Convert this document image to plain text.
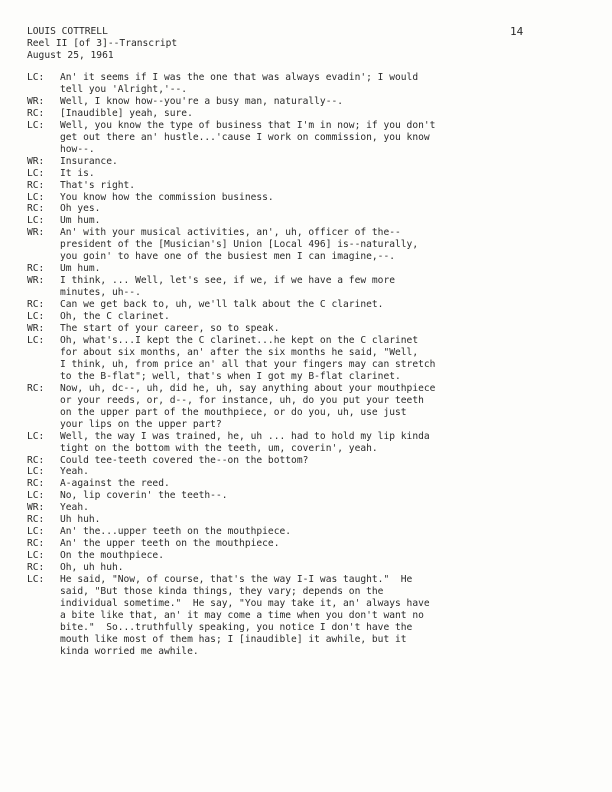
LOUIS COTTRELL
Reel II [of 3]--Transcript
August 25, 1961
14
LC:	An' it seems if I was the one that was always evadin'; I would
tell you 'Alright,'--.
WR:	Well, I know how--you're a busy man, naturally--.
RC:	[Inaudible] yeah, sure.
LC:	Well, you know the type of business that I'm in now; if you don't
get out there an' hustle...'cause I work on commission, you know
how--.
WR:	Insurance.
LC:	It is.
RC:	That's right.
LC:	You know how the commission business.
RC:	Oh yes.
LC:	Um hum.
WR:	An' with your musical activities, an', uh, officer of the--
president of the [Musician's] Union [Local 496] is--naturally,
you goin' to have one of the busiest men I can imagine,--.
RC:	Um hum.
WR:	I think, ... Well, let's see, if we, if we have a few more
minutes, uh--.
RC:	Can we get back to, uh, we'll talk about the C clarinet.
LC:	Oh, the C clarinet.
WR:	The start of your career, so to speak.
LC:	Oh, what's...I kept the C clarinet...he kept on the C clarinet
for about six months, an' after the six months he said, "Well,
I think, uh, from price an' all that your fingers may can stretch
to the B-flat"; well, that's when I got my B-flat clarinet.
RC:	Now, uh, dc--, uh, did he, uh, say anything about your mouthpiece
or your reeds, or, d--, for instance, uh, do you put your teeth
on the upper part of the mouthpiece, or do you, uh, use just
your lips on the upper part?
LC:	Well, the way I was trained, he, uh ... had to hold my lip kinda
tight on the bottom with the teeth, um, coverin', yeah.
RC:	Could tee-teeth covered the--on the bottom?
LC:	Yeah.
RC:	A-against the reed.
LC:	No, lip coverin' the teeth--.
WR:	Yeah.
RC:	Uh huh.
LC:	An' the...upper teeth on the mouthpiece.
RC:	An' the upper teeth on the mouthpiece.
LC:	On the mouthpiece.
RC:	Oh, uh huh.
LC:	He said, "Now, of course, that's the way I-I was taught."  He
said, "But those kinda things, they vary; depends on the
individual sometime."  He say, "You may take it, an' always have
a bite like that, an' it may come a time when you don't want no
bite."  So...truthfully speaking, you notice I don't have the
mouth like most of them has; I [inaudible] it awhile, but it
kinda worried me awhile.
